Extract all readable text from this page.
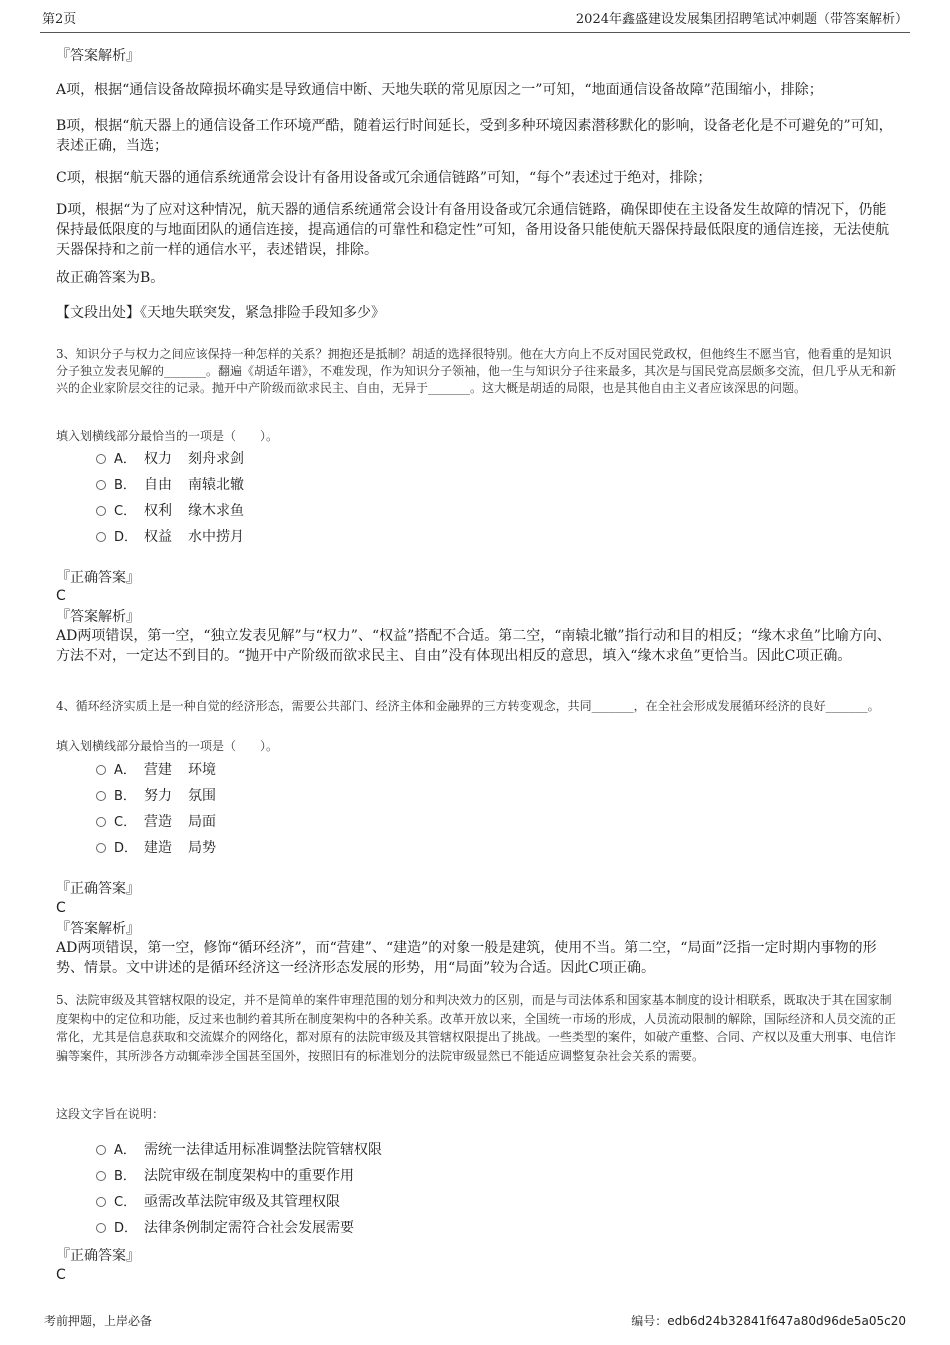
第2页	2024年鑫盛建设发展集团招聘笔试冲刺题（带答案解析）
『答案解析』
A项，根据“通信设备故障损坏确实是导致通信中断、天地失联的常见原因之一”可知，“地面通信设备故障”范围缩小，排除；
B项，根据“航天器上的通信设备工作环境严酷，随着运行时间延长，受到多种环境因素潜移默化的影响，设备老化是不可避免的”可知，表述正确，当选；
C项，根据“航天器的通信系统通常会设计有备用设备或冗余通信链路”可知，“每个”表述过于绝对，排除；
D项，根据“为了应对这种情况，航天器的通信系统通常会设计有备用设备或冗余通信链路，确保即使在主设备发生故障的情况下，仍能保持最低限度的与地面团队的通信连接，提高通信的可靠性和稳定性”可知，备用设备只能使航天器保持最低限度的通信连接，无法使航天器保持和之前一样的通信水平，表述错误，排除。
故正确答案为B。
【文段出处】《天地失联突发，紧急排险手段知多少》
3、知识分子与权力之间应该保持一种怎样的关系？拥抱还是抵制？胡适的选择很特别。他在大方向上不反对国民党政权，但他终生不愿当官，他看重的是知识分子独立发表见解的_______。翻遍《胡适年谱》，不难发现，作为知识分子领袖，他一生与知识分子往来最多，其次是与国民党高层颇多交流，但几乎从无和新兴的企业家阶层交往的记录。抛开中产阶级而欲求民主、自由，无异于_______。这大概是胡适的局限，也是其他自由主义者应该深思的问题。
填入划横线部分最恰当的一项是（　　）。
A． 权力 刻舟求剑
B． 自由 南辕北辙
C． 权利 缘木求鱼
D． 权益 水中捞月
『正确答案』
C
『答案解析』
AD两项错误，第一空，“独立发表见解”与“权力”、“权益”搭配不合适。第二空，“南辕北辙”指行动和目的相反；“缘木求鱼”比喻方向、方法不对，一定达不到目的。“抛开中产阶级而欲求民主、自由”没有体现出相反的意思，填入“缘木求鱼”更恰当。因此C项正确。
4、循环经济实质上是一种自觉的经济形态，需要公共部门、经济主体和金融界的三方转变观念，共同_______，在全社会形成发展循环经济的良好_______。
填入划横线部分最恰当的一项是（　　）。
A． 营建 环境
B． 努力 氛围
C． 营造 局面
D． 建造 局势
『正确答案』
C
『答案解析』
AD两项错误，第一空，修饰“循环经济”，而“营建”、“建造”的对象一般是建筑，使用不当。第二空，“局面”泛指一定时期内事物的形势、情景。文中讲述的是循环经济这一经济形态发展的形势，用“局面”较为合适。因此C项正确。
5、法院审级及其管辖权限的设定，并不是简单的案件审理范围的划分和判决效力的区别，而是与司法体系和国家基本制度的设计相联系，既取决于其在国家制度架构中的定位和功能，反过来也制约着其所在制度架构中的各种关系。改革开放以来，全国统一市场的形成，人员流动限制的解除，国际经济和人员交流的正常化，尤其是信息获取和交流媒介的网络化，都对原有的法院审级及其管辖权限提出了挑战。一些类型的案件，如破产重整、合同、产权以及重大刑事、电信诈骗等案件，其所涉各方动辄牵涉全国甚至国外，按照旧有的标准划分的法院审级显然已不能适应调整复杂社会关系的需要。
这段文字旨在说明：
A． 需统一法律适用标准调整法院管辖权限
B． 法院审级在制度架构中的重要作用
C． 亟需改革法院审级及其管理权限
D． 法律条例制定需符合社会发展需要
『正确答案』
C
考前押题，上岸必备	编号：edb6d24b32841f647a80d96de5a05c20
